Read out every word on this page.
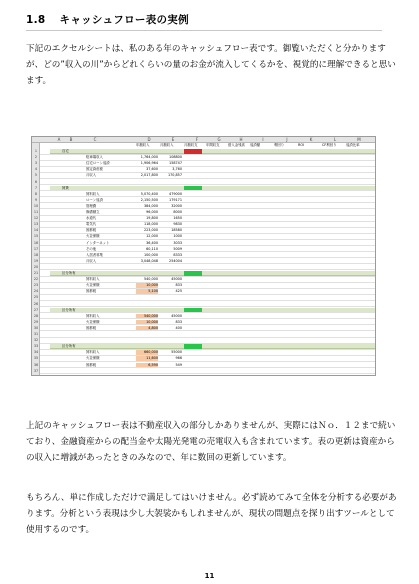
1.8 キャッシュフロー表の実例

下記のエクセルシートは、私のある年のキャッシュフロー表です。御覧いただくと分かりますが、どの”収入の川”からどれくらいの量のお金が流入してくるかを、視覚的に理解できると思います。

A	B	C	D	E	F	G	H	I	J	K	L	M
年額収入	月額収入	月額収支	年間収支	借入金残高	返済額	利回り	ROI	CF利回り	返済比率
1	自宅
2	駐車場収入	1,764,000	108800
3	住宅ローン返済	1,906,964	158747
4	固定資産税	37,600	3,760
5	月収入	2,017,800	170,857
6
7	賃貸
8	賃料収入	5,070,400	479000
9	ローン返済	2,150,500	179171
10	管理費	384,000	32000
11	修繕積立	96,000	8000
12	水道代	19,800	1650
13	電気代	118,000	9830
14	固都税	223,000	18580
15	火災保険	12,000	1000
16	インターネット	36,400	3033
17	その他	60,110	5009
18	入居者募集	100,000	8333
19	月収入	3,048,048	254004
20
21	区分所有
22	賃料収入	540,000	45000
23	火災保険	10,000	833
24	固都税	5,100	425
25
26
27	区分所有
28	賃料収入	540,000	45000
29	火災保険	10,000	833
30	固都税	4,800	400
31
32
33	区分所有
34	賃料収入	660,000	55000
35	火災保険	11,600	966
36	固都税	6,590	549
37

上記のキャッシュフロー表は不動産収入の部分しかありませんが、実際にはＮｏ．１２まで続いており、金融資産からの配当金や太陽光発電の売電収入も含まれています。表の更新は資産からの収入に増減があったときのみなので、年に数回の更新しています。

もちろん、単に作成しただけで満足してはいけません。必ず読めてみて全体を分析する必要があります。分析という表現は少し大袈裟かもしれませんが、現状の問題点を探り出すツールとして使用するのです。

11
